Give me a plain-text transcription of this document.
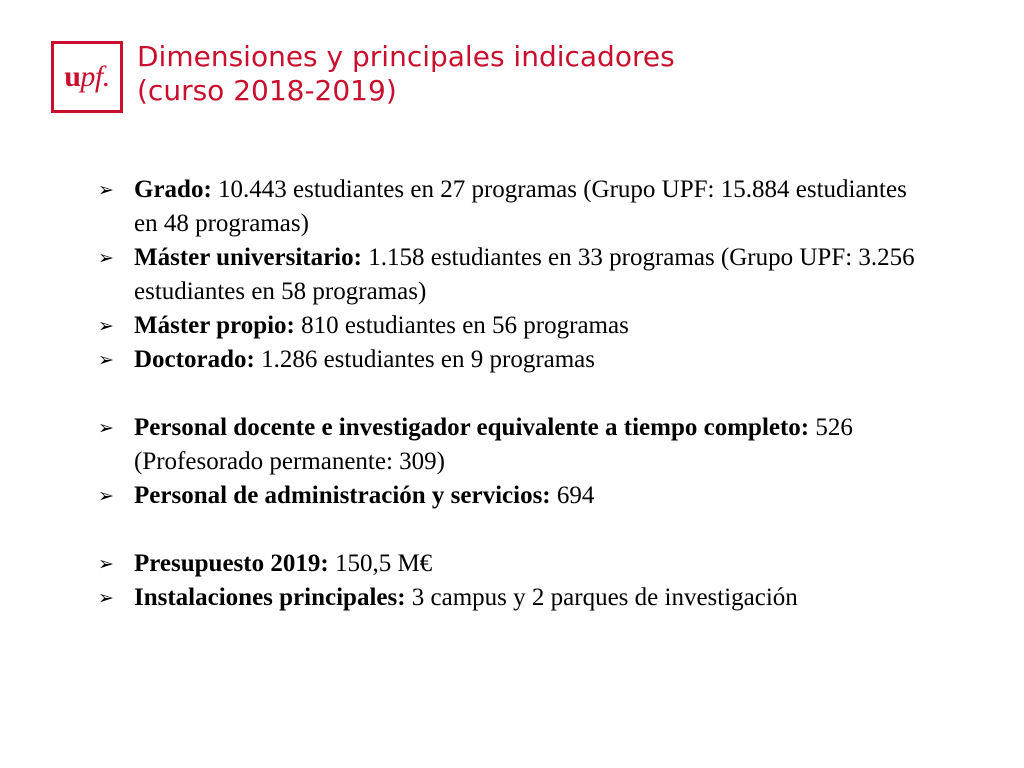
upf.
Dimensiones y principales indicadores
(curso 2018-2019)
➢ Grado: 10.443 estudiantes en 27 programas (Grupo UPF: 15.884 estudiantes en 48 programas)
➢ Máster universitario: 1.158 estudiantes en 33 programas (Grupo UPF: 3.256 estudiantes en 58 programas)
➢ Máster propio: 810 estudiantes en 56 programas
➢ Doctorado: 1.286 estudiantes en 9 programas
➢ Personal docente e investigador equivalente a tiempo completo: 526 (Profesorado permanente: 309)
➢ Personal de administración y servicios: 694
➢ Presupuesto 2019: 150,5 M€
➢ Instalaciones principales: 3 campus y 2 parques de investigación
